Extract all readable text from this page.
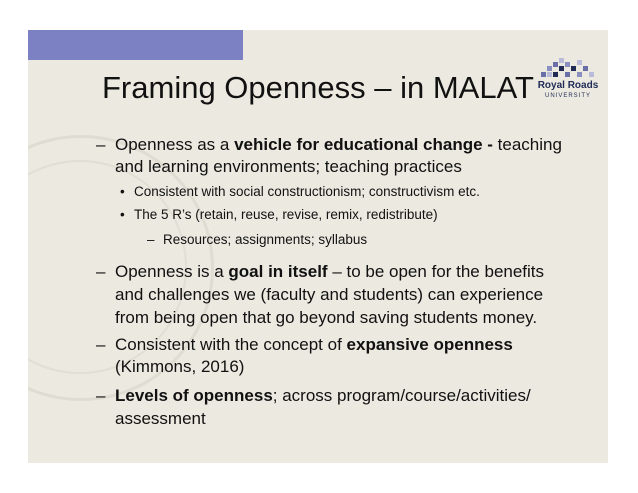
Framing Openness – in MALAT Royal Roads
UNIVERSITY
– Openness as a vehicle for educational change - teaching
and learning environments; teaching practices
• Consistent with social constructionism; constructivism etc.
• The 5 R’s (retain, reuse, revise, remix, redistribute)
– Resources; assignments; syllabus
– Openness is a goal in itself – to be open for the benefits
and challenges we (faculty and students) can experience
from being open that go beyond saving students money.
– Consistent with the concept of expansive openness
(Kimmons, 2016)
– Levels of openness; across program/course/activities/
assessment
